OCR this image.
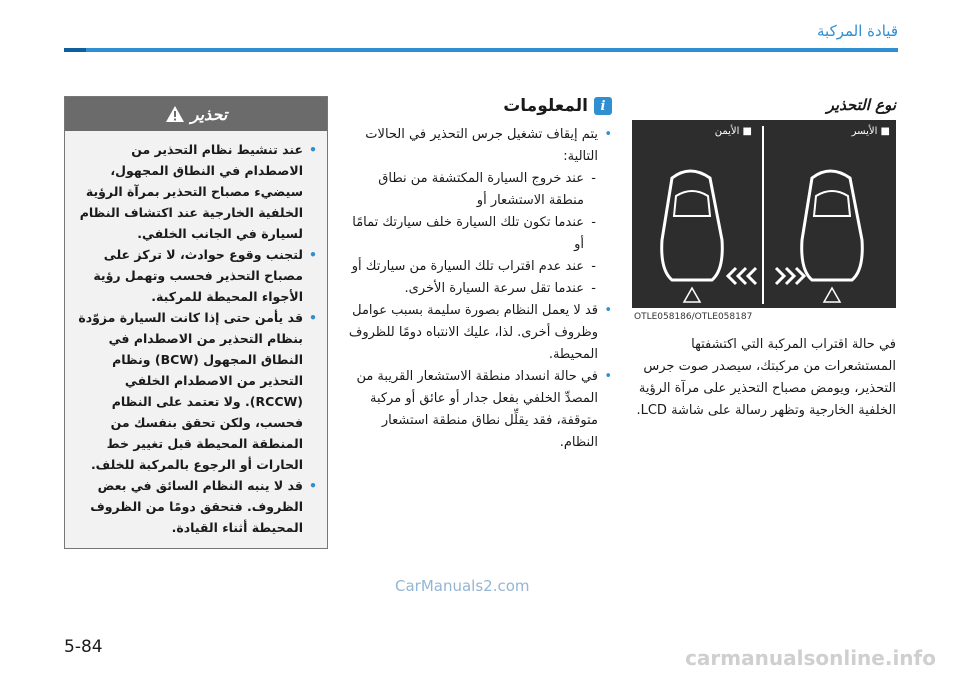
قيادة المركبة
نوع التحذير
■ الأيسر
■ الأيمن
OTLE058186/OTLE058187

في حالة اقتراب المركبة التي اكتشفتها المستشعرات من مركبتك، سيصدر صوت جرس التحذير، ويومض مصباح التحذير على مرآة الرؤية الخلفية الخارجية وتظهر رسالة على شاشة LCD.

i
المعلومات
• يتم إيقاف تشغيل جرس التحذير في الحالات التالية:
- عند خروج السيارة المكتشفة من نطاق منطقة الاستشعار أو
- عندما تكون تلك السيارة خلف سيارتك تمامًا أو
- عند عدم اقتراب تلك السيارة من سيارتك أو
- عندما تقل سرعة السيارة الأخرى.
• قد لا يعمل النظام بصورة سليمة بسبب عوامل وظروف أخرى. لذا، عليك الانتباه دومًا للظروف المحيطة.
• في حالة انسداد منطقة الاستشعار القريبة من المصدِّ الخلفي بفعل جدار أو عائق أو مركبة متوقفة، فقد يقلِّل نطاق منطقة استشعار النظام.
تحذير
• عند تنشيط نظام التحذير من الاصطدام في النطاق المجهول، سيضيء مصباح التحذير بمرآة الرؤية الخلفية الخارجية عند اكتشاف النظام لسيارة في الجانب الخلفي.
• لتجنب وقوع حوادث، لا تركز على مصباح التحذير فحسب وتهمل رؤية الأجواء المحيطة للمركبة.
• قد يأمن حتى إذا كانت السيارة مزوّدة بنظام التحذير من الاصطدام في النطاق المجهول (BCW) ونظام التحذير من الاصطدام الخلفي (RCCW). ولا تعتمد على النظام فحسب، ولكن تحقق بنفسك من المنطقة المحيطة قبل تغيير خط الحارات أو الرجوع بالمركبة للخلف.
• قد لا ينبه النظام السائق في بعض الظروف. فتحقق دومًا من الظروف المحيطة أثناء القيادة.
5-84
CarManuals2.com
carmanualsonline.info
